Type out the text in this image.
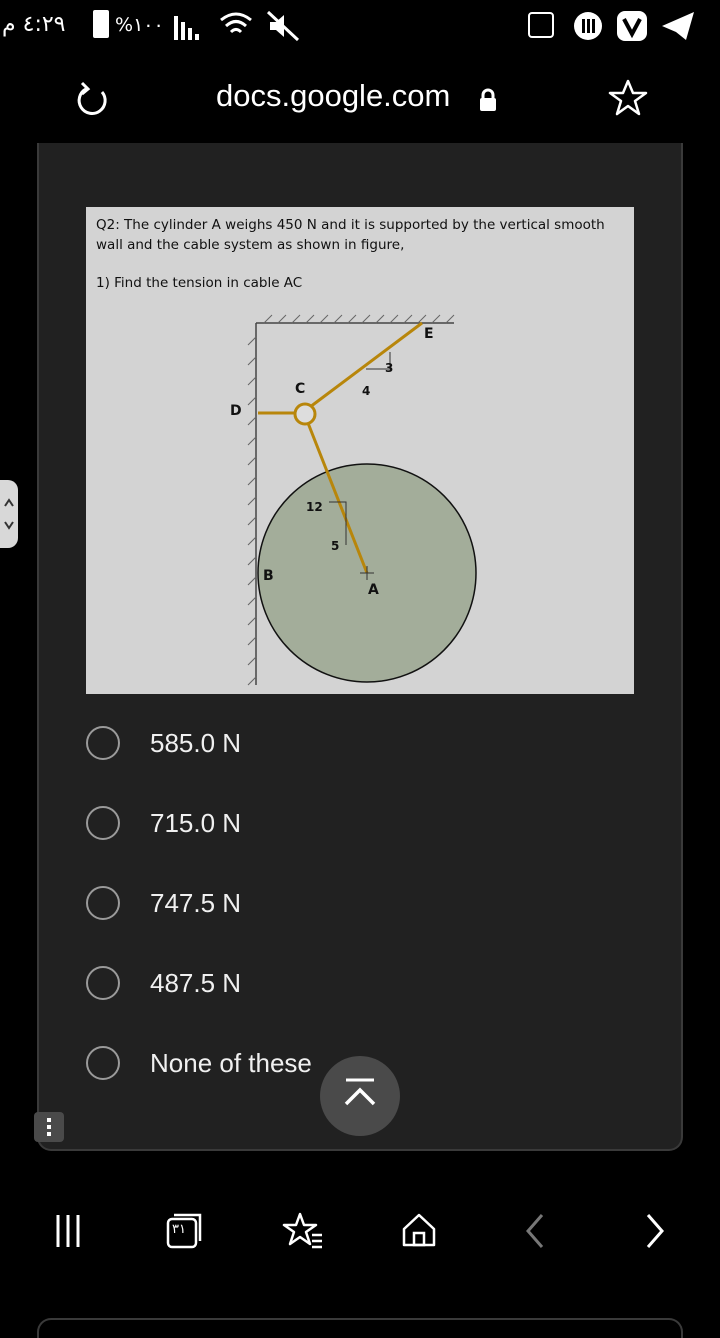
٤:٢٩ م	%١٠٠
docs.google.com
Q2: The cylinder A weighs 450 N and it is supported by the vertical smooth wall and the cable system as shown in figure,
1) Find the tension in cable AC
E
C
D
B
A
3
4
12
5
585.0 N
715.0 N
747.5 N
487.5 N
None of these
٣١
